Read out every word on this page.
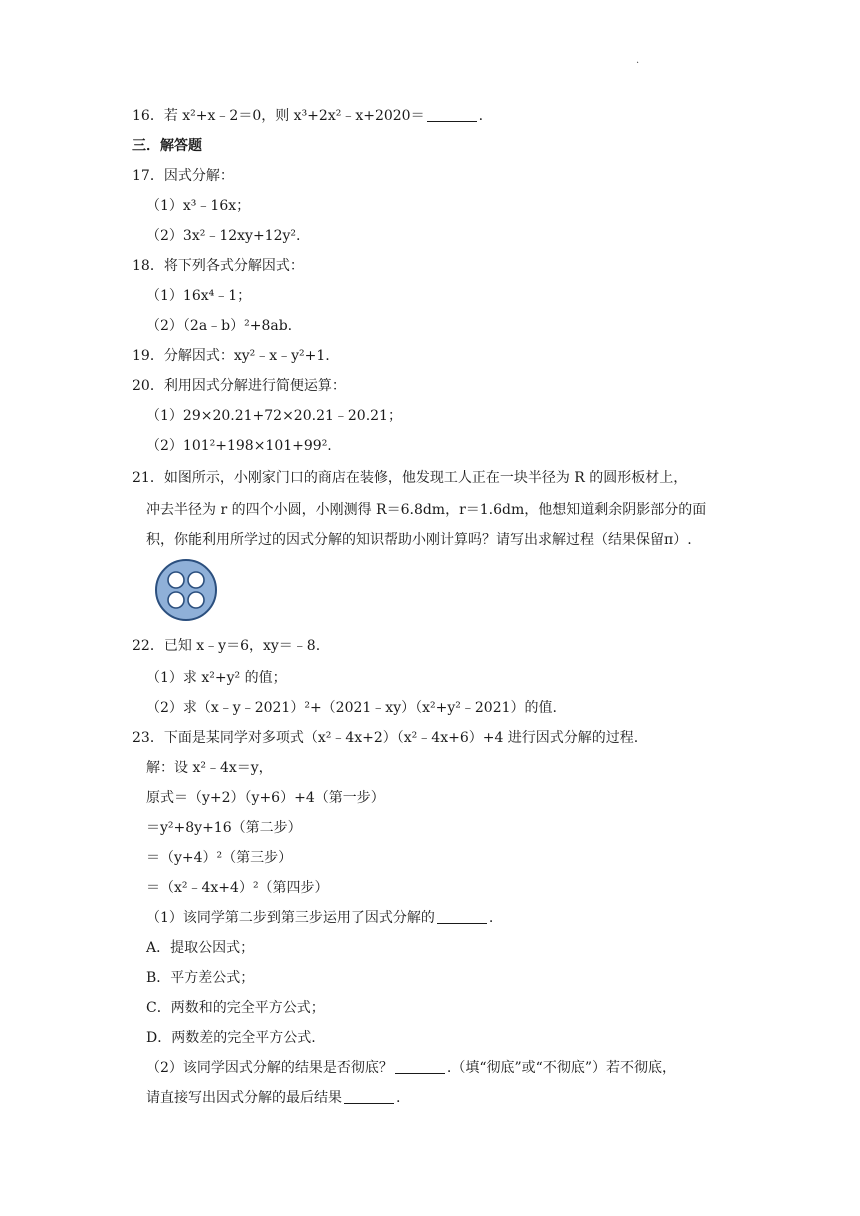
·
16．若 x²+x﹣2＝0，则 x³+2x²﹣x+2020＝	.
三．解答题
17．因式分解：
（1）x³﹣16x；
（2）3x²﹣12xy+12y².
18．将下列各式分解因式：
（1）16x⁴﹣1；
（2）（2a﹣b）²+8ab.
19．分解因式：xy²﹣x﹣y²+1.
20．利用因式分解进行简便运算：
（1）29×20.21+72×20.21﹣20.21；
（2）101²+198×101+99².
21．如图所示，小刚家门口的商店在装修，他发现工人正在一块半径为 R 的圆形板材上，
冲去半径为 r 的四个小圆，小刚测得 R＝6.8dm，r＝1.6dm，他想知道剩余阴影部分的面
积，你能利用所学过的因式分解的知识帮助小刚计算吗？请写出求解过程（结果保留π）.
22．已知 x﹣y＝6，xy＝﹣8.
（1）求 x²+y² 的值；
（2）求（x﹣y﹣2021）²+（2021﹣xy）（x²+y²﹣2021）的值.
23．下面是某同学对多项式（x²﹣4x+2）（x²﹣4x+6）+4 进行因式分解的过程.
解：设 x²﹣4x＝y，
原式＝（y+2）（y+6）+4（第一步）
＝y²+8y+16（第二步）
＝（y+4）²（第三步）
＝（x²﹣4x+4）²（第四步）
（1）该同学第二步到第三步运用了因式分解的	.
A．提取公因式；
B．平方差公式；
C．两数和的完全平方公式；
D．两数差的完全平方公式.
（2）该同学因式分解的结果是否彻底？	.（填“彻底”或“不彻底”）若不彻底，
请直接写出因式分解的最后结果	.
